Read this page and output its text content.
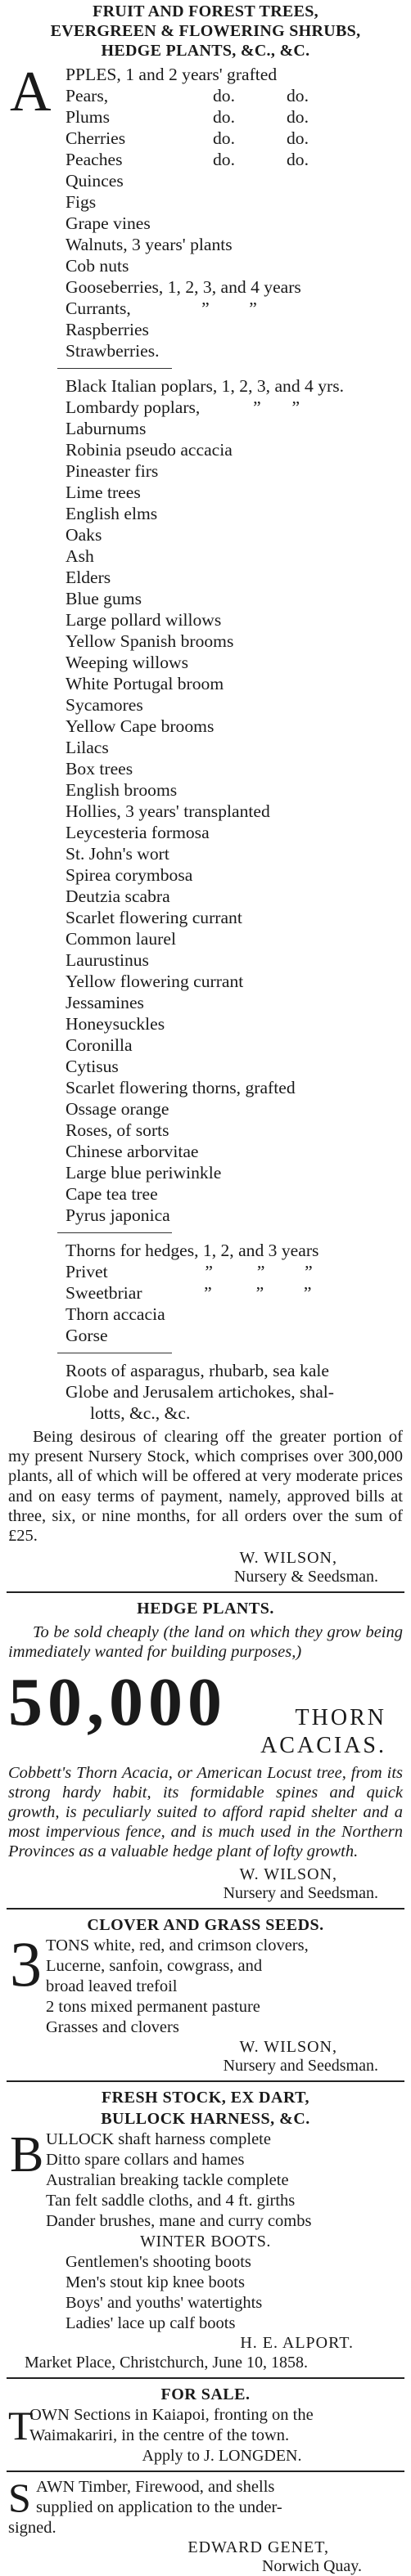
FRUIT AND FOREST TREES,
EVERGREEN & FLOWERING SHRUBS,
HEDGE PLANTS, &C., &C.
A PPLES, 1 and 2 years' grafted
Pears,	do.	do.
Plums	do.	do.
Cherries	do.	do.
Peaches	do.	do.
Quinces
Figs
Grape vines
Walnuts, 3 years' plants
Cob nuts
Gooseberries, 1, 2, 3, and 4 years
Currants,                ”         ”
Raspberries
Strawberries.
Black Italian poplars, 1, 2, 3, and 4 yrs.
Lombardy poplars,            ”       ”
Laburnums
Robinia pseudo accacia
Pineaster firs
Lime trees
English elms
Oaks
Ash
Elders
Blue gums
Large pollard willows
Yellow Spanish brooms
Weeping willows
White Portugal broom
Sycamores
Yellow Cape brooms
Lilacs
Box trees
English brooms
Hollies, 3 years' transplanted
Leycesteria formosa
St. John's wort
Spirea corymbosa
Deutzia scabra
Scarlet flowering currant
Common laurel
Laurustinus
Yellow flowering currant
Jessamines
Honeysuckles
Coronilla
Cytisus
Scarlet flowering thorns, grafted
Ossage orange
Roses, of sorts
Chinese arborvitae
Large blue periwinkle
Cape tea tree
Pyrus japonica
Thorns for hedges, 1, 2, and 3 years
Privet                      ”          ”         ”
Sweetbriar              ”          ”         ”
Thorn accacia
Gorse
Roots of asparagus, rhubarb, sea kale
Globe and Jerusalem artichokes, shal-
lotts, &c., &c.

Being desirous of clearing off the greater portion of my present Nursery Stock, which comprises over 300,000 plants, all of which will be offered at very moderate prices and on easy terms of payment, namely, approved bills at three, six, or nine months, for all orders over the sum of £25.

W. WILSON,

Nursery & Seedsman.

HEDGE PLANTS.

To be sold cheaply (the land on which they grow being immediately wanted for building purposes,)

50,000	THORN
ACACIAS.

Cobbett's Thorn Acacia, or American Locust tree, from its strong hardy habit, its formidable spines and quick growth, is peculiarly suited to afford rapid shelter and a most impervious fence, and is much used in the Northern Provinces as a valuable hedge plant of lofty growth.

W. WILSON,

Nursery and Seedsman.

CLOVER AND GRASS SEEDS.
3 TONS white, red, and crimson clovers,
Lucerne, sanfoin, cowgrass, and
broad leaved trefoil
2 tons mixed permanent pasture
Grasses and clovers

W. WILSON,

Nursery and Seedsman.

FRESH STOCK, EX DART,
BULLOCK HARNESS, &C.
B ULLOCK shaft harness complete
Ditto spare collars and hames
Australian breaking tackle complete
Tan felt saddle cloths, and 4 ft. girths
Dander brushes, mane and curry combs
WINTER BOOTS.
Gentlemen's shooting boots
Men's stout kip knee boots
Boys' and youths' watertights
Ladies' lace up calf boots

H. E. ALPORT.

Market Place, Christchurch, June 10, 1858.

FOR SALE.
T
OWN Sections in Kaiapoi, fronting on the
Waimakariri, in the centre of the town.
Apply to J. LONGDEN.
S AWN Timber, Firewood, and shells
supplied on application to the under-
signed.

EDWARD GENET,

Norwich Quay.
